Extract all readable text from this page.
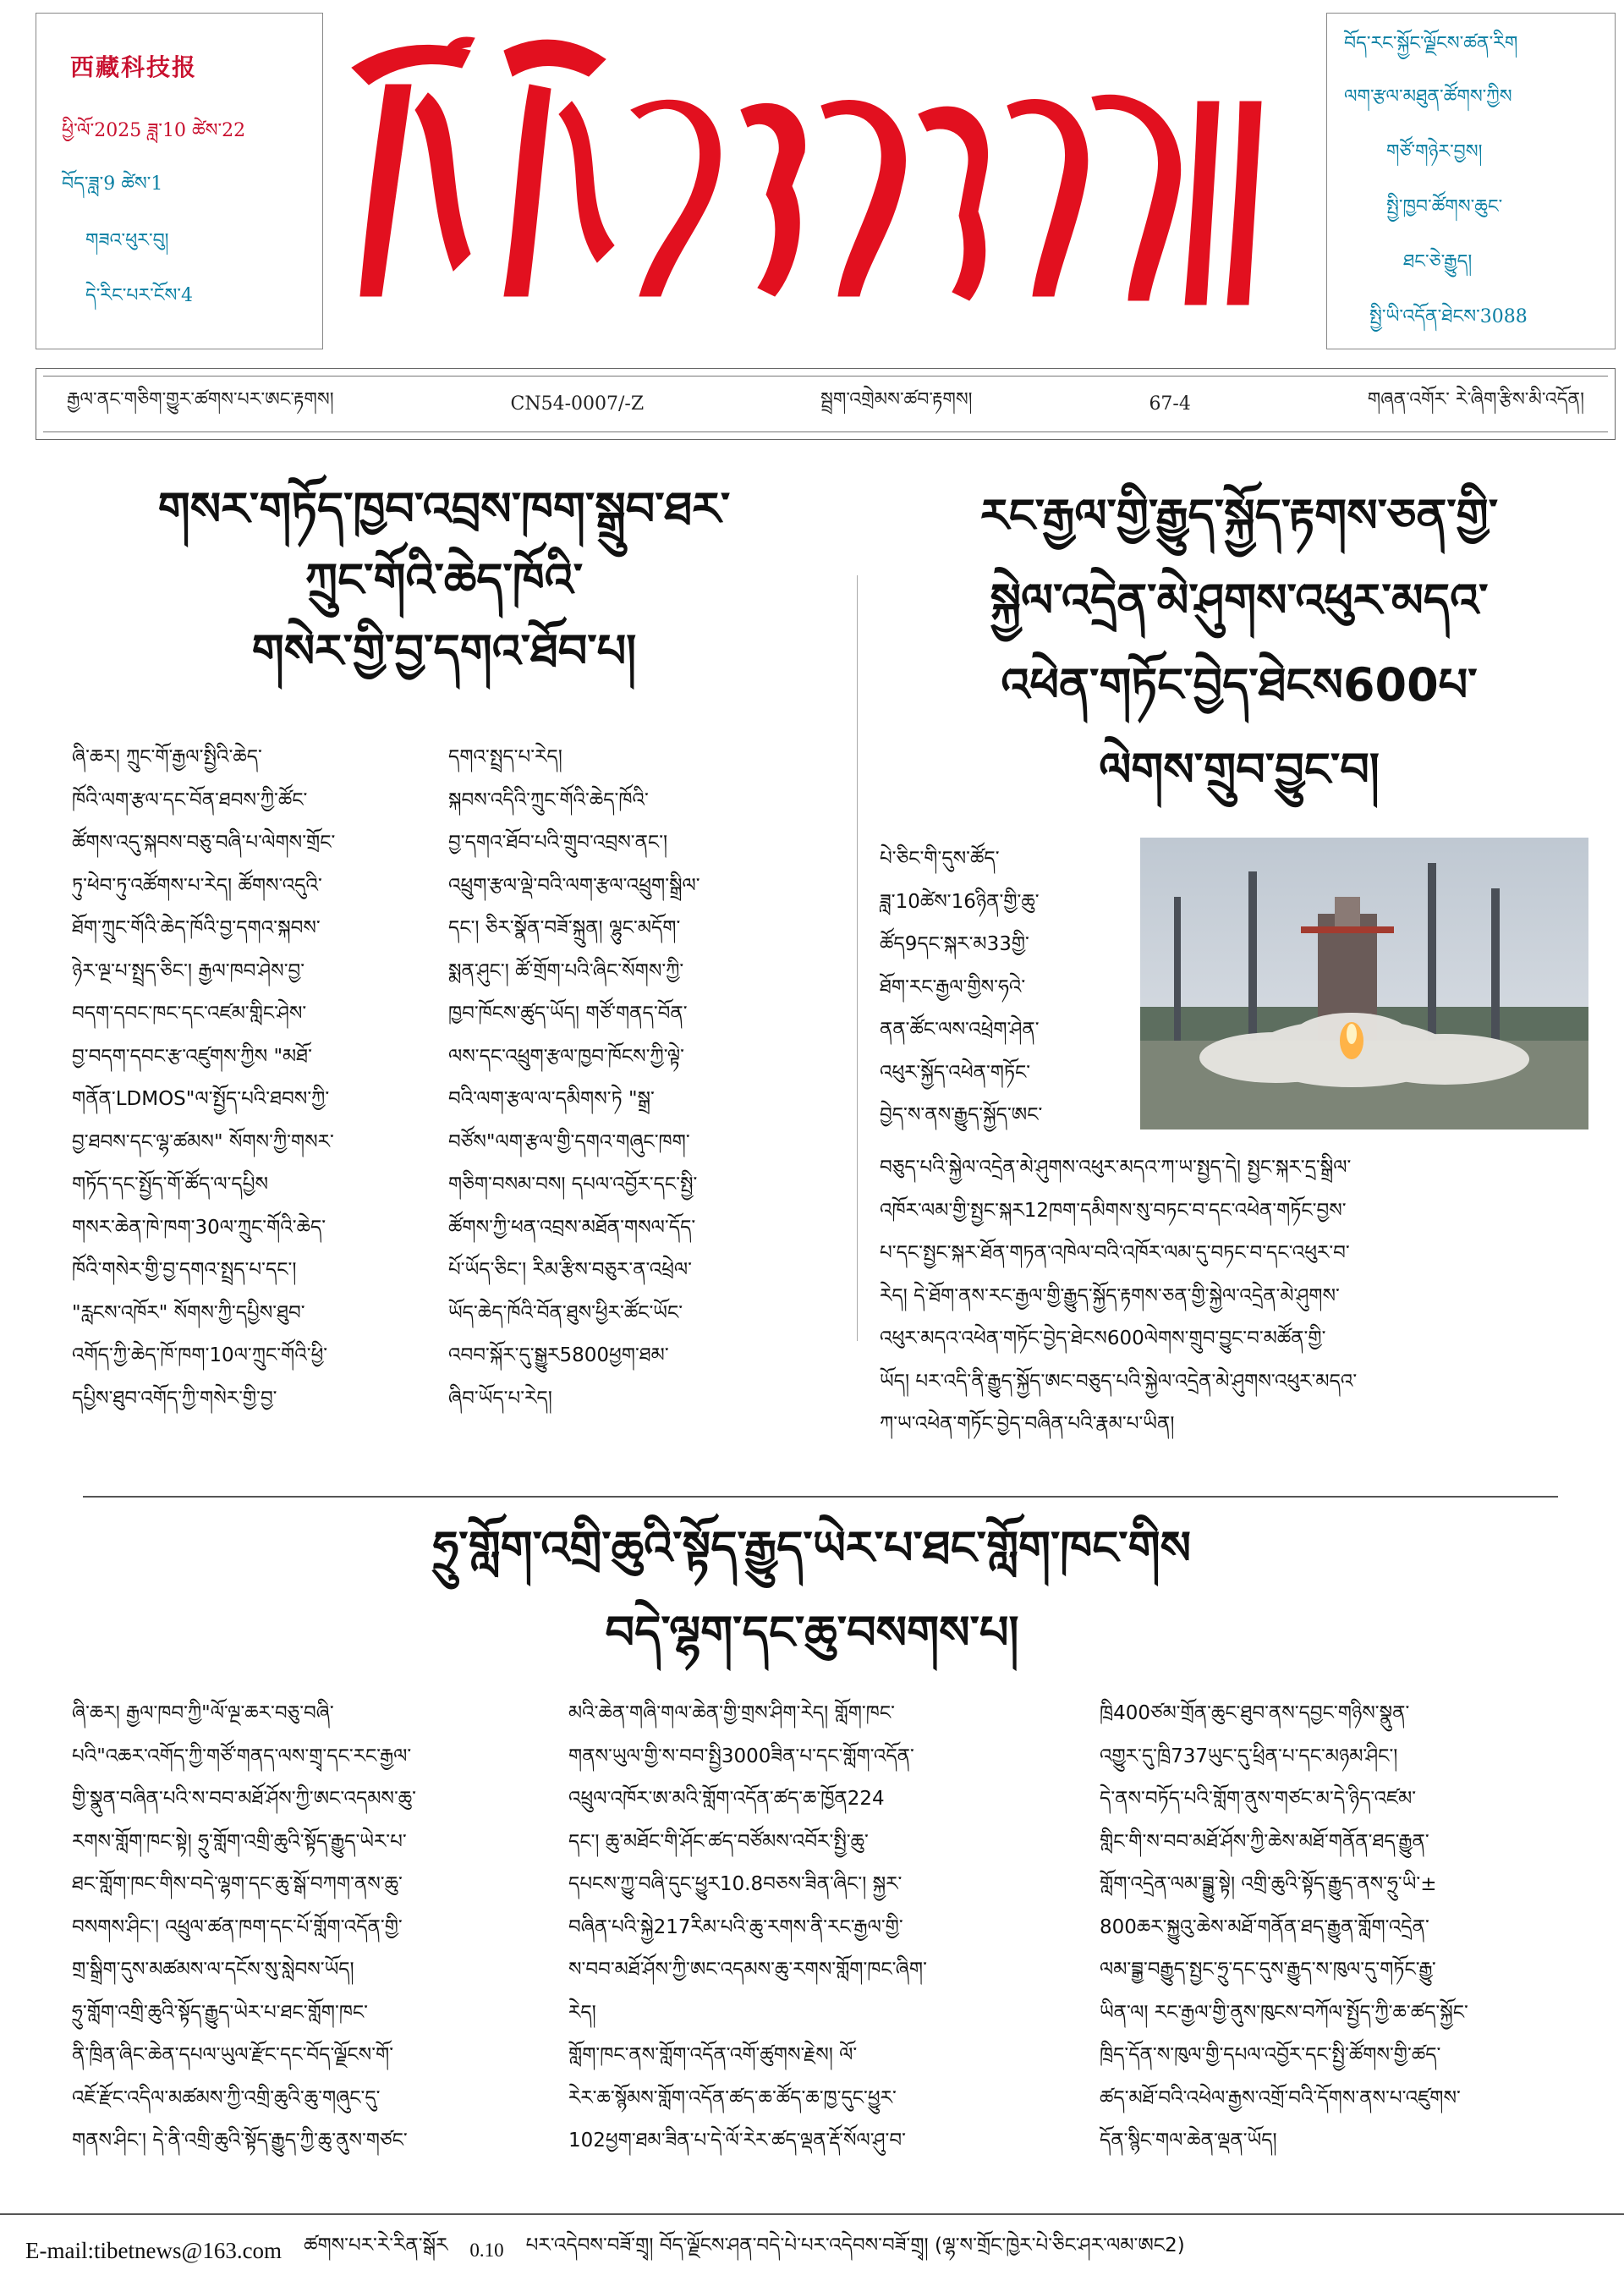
西藏科技报
ཕྱི་ལོ་2025 ཟླ་10 ཚེས་22
བོད་ཟླ་9 ཚེས་1
གཟའ་ཕུར་བུ།
དེ་རིང་པར་ངོས་4
བོད་རང་སྐྱོང་ལྗོངས་ཚན་རིག
ལག་རྩལ་མཐུན་ཚོགས་ཀྱིས
གཙོ་གཉེར་བྱས།
སྤྱི་ཁྱབ་ཚོགས་ཆུང་
ཐང་ཅེ་རྒྱུད།
སྤྱི་ཡི་འདོན་ཐེངས་3088
རྒྱལ་ནང་གཅིག་གྱུར་ཚགས་པར་ཨང་རྟགས།	CN54-0007/-Z	སྦྲག་འགྲེམས་ཚབ་རྟགས།	67-4	གཞན་འགོར་ རེ་ཞིག་རྩིས་མི་འདོན།
གསར་གཏོད་ཁྱབ་འབྲས་ཁག་སྒྲུབ་ཐར་
ཀྲུང་གོའི་ཆེད་ཁོའི་
གསེར་གྱི་བྱ་དགའ་ཐོབ་པ།
ཞི་ཆར། ཀྲུང་གོ་རྒྱལ་སྤྱིའི་ཆེད་
ཁོའི་ལག་རྩལ་དང་བོན་ཐབས་ཀྱི་ཚོང་
ཚོགས་འདུ་སྐབས་བཅུ་བཞི་པ་ལེགས་གྲོང་
ཏུ་ཕེབ་ཏུ་འཚོགས་པ་རེད། ཚོགས་འདུའི་
ཐོག་ཀྲུང་གོའི་ཆེད་ཁོའི་བྱ་དགའ་སྐབས་
ཉེར་ལྔ་པ་སྤྲད་ཅིང་། རྒྱལ་ཁབ་ཤེས་བྱ་
བདག་དབང་ཁང་དང་འཛམ་གླིང་ཤེས་
བྱ་བདག་དབང་རྩ་འཛུགས་ཀྱིས "མཐོ་
གནོན་LDMOS"ལ་སྤྱོད་པའི་ཐབས་ཀྱི་
བྱ་ཐབས་དང་ལྷ་ཚམས" སོགས་ཀྱི་གསར་
གཏོད་དང་སྤྱོད་གོ་ཚོད་ལ་དཔྱིས
གསར་ཆེན་ཁེ་ཁག་30ལ་ཀྲུང་གོའི་ཆེད་
ཁོའི་གསེར་གྱི་བྱ་དགའ་སྤྲད་པ་དང་།
"རླངས་འཁོར" སོགས་ཀྱི་དཔྱིས་ཐུབ་
འགོད་ཀྱི་ཆེད་ཁོ་ཁག་10ལ་ཀྲུང་གོའི་ཕྱི་
དཔྱིས་ཐུབ་འགོད་ཀྱི་གསེར་གྱི་བྱ་
དགའ་སྤྲད་པ་རེད།
སྐབས་འདིའི་ཀྲུང་གོའི་ཆེད་ཁོའི་
བྱ་དགའ་ཐོབ་པའི་གྲུབ་འབྲས་ནང་།
འཕྲུག་རྩལ་ལྡེ་བའི་ལག་རྩལ་འཕྲུག་སྒྲིལ་
དང་། ཅིར་སྣོན་བཟོ་སྐྲུན། ལྷུང་མདོག་
སྨན་ཤུང་། ཚོ་གྲོག་པའི་ཞིང་སོགས་ཀྱི་
ཁྱབ་ཁོངས་ཚུད་ཡོད། གཙོ་གནད་བོན་
ལས་དང་འཕྲུག་རྩལ་ཁྱབ་ཁོངས་ཀྱི་ལྟེ་
བའི་ལག་རྩལ་ལ་དམིགས་ཏེ "སྒྲ་
བཙོས"ལག་རྩལ་གྱི་དགའ་གཞུང་ཁག་
གཅིག་བསམ་བས། དཔལ་འབྱོར་དང་སྤྱི་
ཚོགས་ཀྱི་ཕན་འབྲས་མཐོན་གསལ་དོད་
པོ་ཡོད་ཅིང་། རིམ་རྩིས་བཅུར་ན་འཕྲེལ་
ཡོད་ཆེད་ཁོའི་བོན་ཐུས་ཕྱིར་ཚོང་ཡོང་
འབབ་སྐོར་དུ་སྒྱུར5800ཕྱག་ཐམ་
ཞིབ་ཡོད་པ་རེད།
རང་རྒྱལ་གྱི་རྒྱུད་སྐྱོད་རྟགས་ཅན་གྱི་
སྐྱེལ་འདྲེན་མེ་ཤུགས་འཕུར་མདའ་
འཕེན་གཏོང་བྱེད་ཐེངས600པ་
ལེགས་གྲུབ་བྱུང་བ།
པེ་ཅིང་གི་དུས་ཚོད་
ཟླ་10ཚེས་16ཉིན་གྱི་ཆུ་
ཚོད9དང་སྐར་མ33གྱི་
ཐོག་རང་རྒྱལ་གྱིས་ཧའེ་
ནན་ཚོང་ལས་འཕྲེག་ཤེན་
འཕུར་སྐྱོད་འཕེན་གཏོང་
བྱེད་ས་ནས་རྒྱུད་སྐྱོད་ཨང་
བཅུད་པའི་སྐྱེལ་འདྲེན་མེ་ཤུགས་འཕུར་མདའ་ཀ་ཡ་སྤྱད་དེ། སྤྱང་སྐར་དྲ་སྒྲིལ་
འཁོར་ལམ་གྱི་སྤྱང་སྐར12ཁག་དམིགས་སུ་བཏང་བ་དང་འཕེན་གཏོང་བྱས་
པ་དང་སྤྱང་སྐར་ཐོན་གཏན་འཁེལ་བའི་འཁོར་ལམ་དུ་བཏང་བ་དང་འཕུར་བ་
རེད། དེ་ཐོག་ནས་རང་རྒྱལ་གྱི་རྒྱུད་སྐྱོད་རྟགས་ཅན་གྱི་སྐྱེལ་འདྲེན་མེ་ཤུགས་
འཕུར་མདའ་འཕེན་གཏོང་བྱེད་ཐེངས600ལེགས་གྲུབ་བྱུང་བ་མཚོན་གྱི་
ཡོད། པར་འདི་ནི་རྒྱུད་སྐྱོད་ཨང་བཅུད་པའི་སྐྱེལ་འདྲེན་མེ་ཤུགས་འཕུར་མདའ་
ཀ་ཡ་འཕེན་གཏོང་བྱེད་བཞིན་པའི་རྣམ་པ་ཡིན།
ཧྲུ་གློག་འགྲི་ཆུའི་སྟོད་རྒྱུད་ཡེར་པ་ཐང་གློག་ཁང་གིས
བདེ་ལྷག་དང་ཆུ་བསགས་པ།
ཞི་ཆར། རྒྱལ་ཁབ་ཀྱི"ལོ་ལྔ་ཆར་བཅུ་བཞི་
པའི"འཆར་འགོད་ཀྱི་གཙོ་གནད་ལས་གྲྭ་དང་རང་རྒྱལ་
གྱི་སྣུན་བཞིན་པའི་ས་བབ་མཐོ་ཤོས་ཀྱི་ཨང་འདམས་ཆུ་
རགས་གློག་ཁང་སྟེ། ཧྲུ་གློག་འགྲི་ཆུའི་སྟོད་རྒྱུད་ཡེར་པ་
ཐང་གློག་ཁང་གིས་བདེ་ལྷག་དང་ཆུ་སྒོ་བཀག་ནས་ཆུ་
བསགས་ཤིང་། འཕྲུལ་ཚན་ཁག་དང་པོ་གློག་འདོན་གྱི་
གྲ་སྒྲིག་དུས་མཚམས་ལ་དངོས་སུ་སླེབས་ཡོད།
ཧྲུ་གློག་འགྲི་ཆུའི་སྟོད་རྒྱུད་ཡེར་པ་ཐང་གློག་ཁང་
ནི་ཁྲིན་ཞིང་ཆེན་དཔལ་ཡུལ་རྫོང་དང་བོད་ལྗོངས་གོ་
འཇོ་རྫོང་འདིལ་མཚམས་ཀྱི་འགྲི་ཆུའི་ཆུ་གཞུང་དུ་
གནས་ཤིང་། དེ་ནི་འགྲི་ཆུའི་སྟོད་རྒྱུད་ཀྱི་ཆུ་ནུས་གཙང་
མའི་ཆེན་གཞི་གལ་ཆེན་གྱི་གྲས་ཤིག་རེད། གློག་ཁང་
གནས་ཡུལ་གྱི་ས་བབ་སྤྱི3000ཟིན་པ་དང་གློག་འདོན་
འཕྲུལ་འཁོར་ཨ་མའི་གློག་འདོན་ཚད་ཆ་ཁྱོན224
དང་། ཆུ་མཐོང་གི་ཤོང་ཚད་བཙོམས་འབོར་སྤྱི་ཆུ་
དཔངས་ཀྱུ་བཞི་དུང་ཕྱུར10.8བཅས་ཟིན་ཞིང་། སྐྱར་
བཞིན་པའི་སྐྱེ217རིམ་པའི་ཆུ་རགས་ནི་རང་རྒྱལ་གྱི་
ས་བབ་མཐོ་ཤོས་ཀྱི་ཨང་འདམས་ཆུ་རགས་གློག་ཁང་ཞིག་
རེད།
གློག་ཁང་ནས་གློག་འདོན་འགོ་ཚུགས་རྗེས། ལོ་
རེར་ཆ་སྙོམས་གློག་འདོན་ཚད་ཆ་ཚོད་ཆ་ཁྱ་དུང་ཕྱུར་
102ཕྱག་ཐམ་ཟིན་པ་དེ་ལོ་རེར་ཚད་ལྡན་རྡོ་སོལ་ཤུ་བ་
ཁྲི400ཙམ་གྲོན་ཆུང་ཐུབ་ནས་དབྱང་གཉིས་སྣུན་
འགྱུར་དུ་ཁྲི737ཡུང་དུ་ཕྲིན་པ་དང་མཉམ་ཤིང་།
དེ་ནས་བཏོད་པའི་གློག་ནུས་གཙང་མ་དེ་ཉིད་འཛམ་
གླིང་གི་ས་བབ་མཐོ་ཤོས་ཀྱི་ཆེས་མཐོ་གནོན་ཐད་རྒྱུན་
གློག་འདྲེན་ལམ་བྲྒྱུ་སྟེ། འགྲི་ཆུའི་སྟོད་རྒྱུད་ནས་ཧྲུ་ཡི་±
800ཆར་སྐྱུའུ་ཆེས་མཐོ་གནོན་ཐད་རྒྱུན་གློག་འདྲེན་
ལམ་བྲྒྱ་བརྒྱུད་སྤྱང་ཧྲུ་དང་དུས་རྒྱུད་ས་ཁུལ་དུ་གཏོང་རྒྱུ་
ཡིན་ལ། རང་རྒྱལ་གྱི་ནུས་ཁུངས་བཀོལ་སྤྱོད་ཀྱི་ཆ་ཚད་སྐྱོང་
ཁྲིད་དོན་ས་ཁུལ་གྱི་དཔལ་འབྱོར་དང་སྤྱི་ཚོགས་གྱི་ཚད་
ཚད་མཐོ་བའི་འཕེལ་རྒྱས་འགྲོ་བའི་དོགས་ནས་པ་འཛུགས་
དོན་སྙིང་གལ་ཆེན་ལྡན་ཡོད།
E-mail:tibetnews@163.com ཚགས་པར་རེ་རིན་སྒོར 0.10 པར་འདེབས་བཟོ་གྲྭ། བོད་ལྗོངས་ཤན་བདེ་པེ་པར་འདེབས་བཟོ་གྲྭ། (ལྷ་ས་གྲོང་ཁྱེར་པེ་ཅིང་ཤར་ལམ་ཨང2)
